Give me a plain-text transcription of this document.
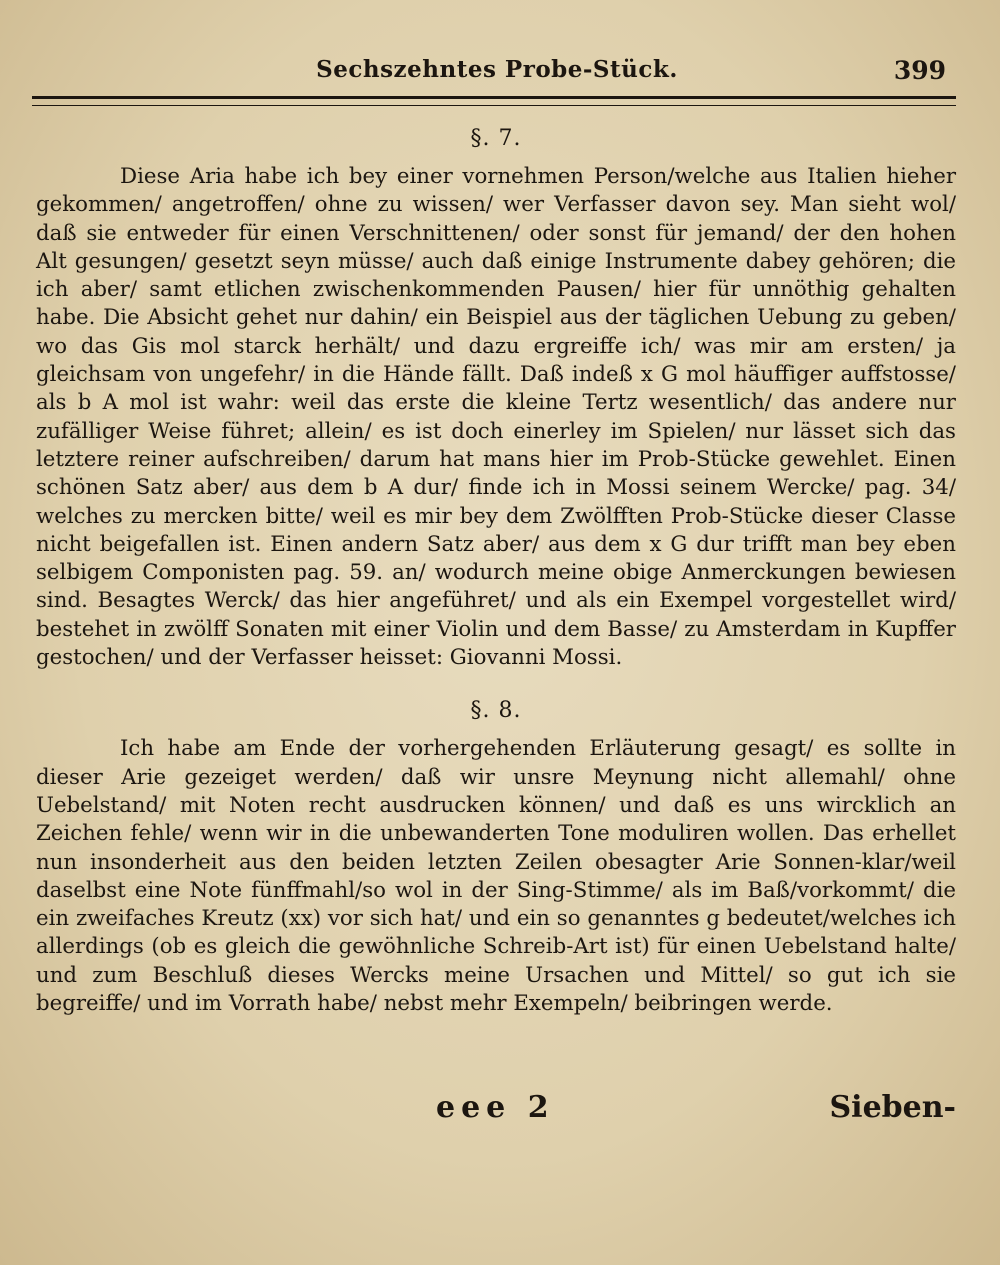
Sechszehntes Probe-Stück.	399
§. 7.

Diese Aria habe ich bey einer vornehmen Person/welche aus Italien hieher gekommen/ angetroffen/ ohne zu wissen/ wer Verfasser davon sey. Man sieht wol/ daß sie entweder für einen Verschnittenen/ oder sonst für jemand/ der den hohen Alt gesungen/ gesetzt seyn müsse/ auch daß einige Instrumente dabey gehören; die ich aber/ samt etlichen zwischenkommenden Pausen/ hier für unnöthig gehalten habe. Die Absicht gehet nur dahin/ ein Beispiel aus der täglichen Uebung zu geben/ wo das Gis mol starck herhält/ und dazu ergreiffe ich/ was mir am ersten/ ja gleichsam von ungefehr/ in die Hände fällt. Daß indeß x G mol häuffiger auffstosse/ als b A mol ist wahr: weil das erste die kleine Tertz wesentlich/ das andere nur zufälliger Weise führet; allein/ es ist doch einerley im Spielen/ nur lässet sich das letztere reiner aufschreiben/ darum hat mans hier im Prob-Stücke gewehlet. Einen schönen Satz aber/ aus dem b A dur/ finde ich in Mossi seinem Wercke/ pag. 34/ welches zu mercken bitte/ weil es mir bey dem Zwölfften Prob-Stücke dieser Classe nicht beigefallen ist. Einen andern Satz aber/ aus dem x G dur trifft man bey eben selbigem Componisten pag. 59. an/ wodurch meine obige Anmerckungen bewiesen sind. Besagtes Werck/ das hier angeführet/ und als ein Exempel vorgestellet wird/ bestehet in zwölff Sonaten mit einer Violin und dem Basse/ zu Amsterdam in Kupffer gestochen/ und der Verfasser heisset: Giovanni Mossi.

§. 8.

Ich habe am Ende der vorhergehenden Erläuterung gesagt/ es sollte in dieser Arie gezeiget werden/ daß wir unsre Meynung nicht allemahl/ ohne Uebelstand/ mit Noten recht ausdrucken können/ und daß es uns wircklich an Zeichen fehle/ wenn wir in die unbewanderten Tone moduliren wollen. Das erhellet nun insonderheit aus den beiden letzten Zeilen obesagter Arie Sonnen-klar/weil daselbst eine Note fünffmahl/so wol in der Sing-Stimme/ als im Baß/vorkommt/ die ein zweifaches Kreutz (xx) vor sich hat/ und ein so genanntes g bedeutet/welches ich allerdings (ob es gleich die gewöhnliche Schreib-Art ist) für einen Uebelstand halte/ und zum Beschluß dieses Wercks meine Ursachen und Mittel/ so gut ich sie begreiffe/ und im Vorrath habe/ nebst mehr Exempeln/ beibringen werde.

eee 2	Sieben-
